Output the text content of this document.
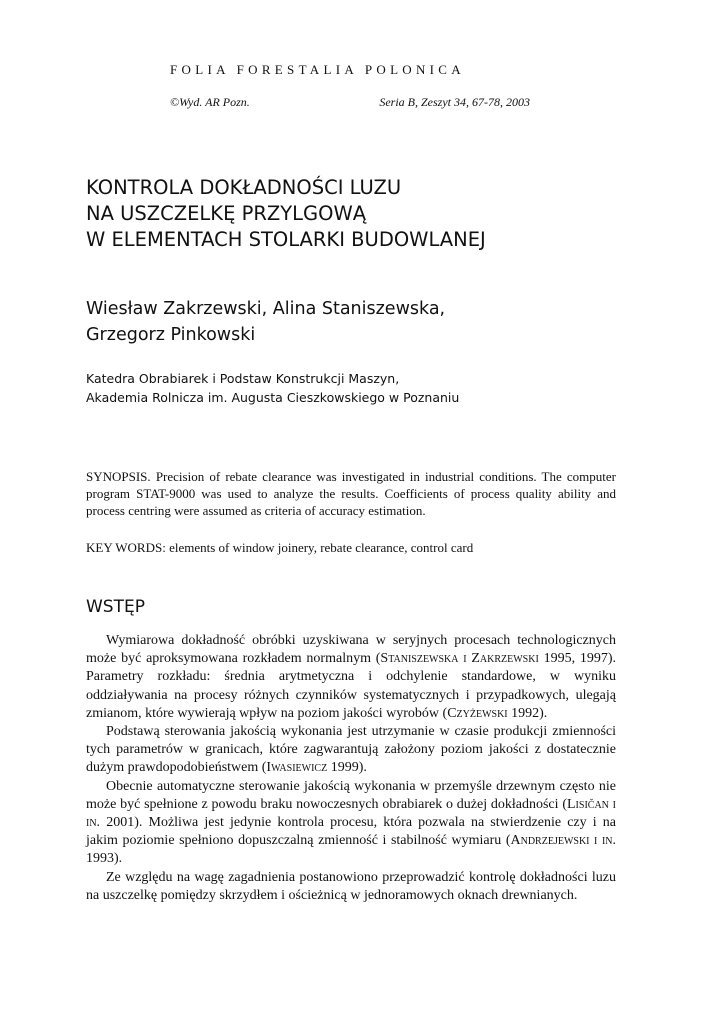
FOLIA FORESTALIA POLONICA
©Wyd. AR Pozn.	Seria B, Zeszyt 34, 67-78, 2003
KONTROLA DOKŁADNOŚCI LUZU
NA USZCZELKĘ PRZYLGOWĄ
W ELEMENTACH STOLARKI BUDOWLANEJ
Wiesław Zakrzewski, Alina Staniszewska,
Grzegorz Pinkowski
Katedra Obrabiarek i Podstaw Konstrukcji Maszyn,
Akademia Rolnicza im. Augusta Cieszkowskiego w Poznaniu
SYNOPSIS. Precision of rebate clearance was investigated in industrial conditions. The computer program STAT-9000 was used to analyze the results. Coefficients of process quality ability and process centring were assumed as criteria of accuracy estimation.
KEY WORDS: elements of window joinery, rebate clearance, control card
WSTĘP

Wymiarowa dokładność obróbki uzyskiwana w seryjnych procesach technologicznych może być aproksymowana rozkładem normalnym (Staniszewska i Zakrzewski 1995, 1997). Parametry rozkładu: średnia arytmetyczna i odchylenie standardowe, w wyniku oddziaływania na procesy różnych czynników systematycznych i przypadkowych, ulegają zmianom, które wywierają wpływ na poziom jakości wyrobów (Czyżewski 1992).

Podstawą sterowania jakością wykonania jest utrzymanie w czasie produkcji zmienności tych parametrów w granicach, które zagwarantują założony poziom jakości z dostatecznie dużym prawdopodobieństwem (Iwasiewicz 1999).

Obecnie automatyczne sterowanie jakością wykonania w przemyśle drzewnym często nie może być spełnione z powodu braku nowoczesnych obrabiarek o dużej dokładności (Lisičan i in. 2001). Możliwa jest jedynie kontrola procesu, która pozwala na stwierdzenie czy i na jakim poziomie spełniono dopuszczalną zmienność i stabilność wymiaru (Andrzejewski i in. 1993).

Ze względu na wagę zagadnienia postanowiono przeprowadzić kontrolę dokładności luzu na uszczelkę pomiędzy skrzydłem i ościeżnicą w jednoramowych oknach drewnianych.
